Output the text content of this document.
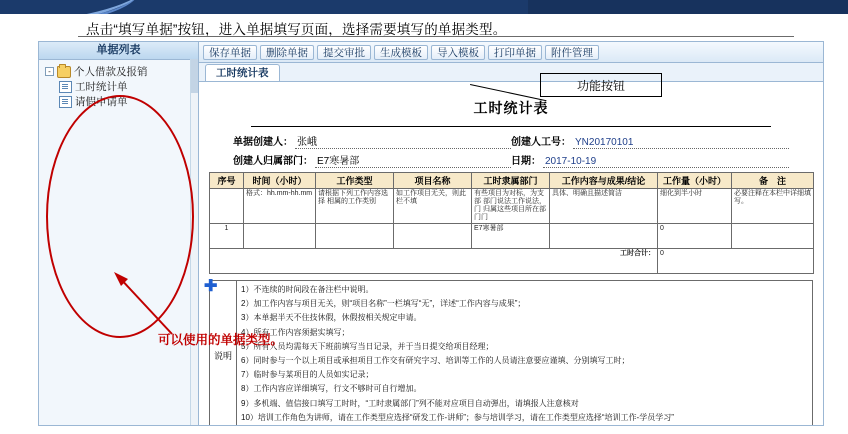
点击“填写单据”按钮，进入单据填写页面，选择需要填写的单据类型。
单据列表
-	个人借款及报销
工时统计单
请假申请单
保存单据	删除单据	提交审批	生成模板	导入模板	打印单据	附件管理
工时统计表
工时统计表
单据创建人： 张峨	创建人工号： YN20170101
创建人归属部门： E7寒暑部	日期： 2017-10-19
序号	时间（小时）	工作类型	项目名称	工时隶属部门	工作内容与成果/结论	工作量（小时）	备　注
	格式：hh.mm-hh.mm	请根据下列工作内容选择 相属的工作类别	如工作项目无关，则此 栏不填	有些项目为对标，为支部 部门说法工作说法，门 归属这些项目所在部门门	具体、明确且描述简洁	细化到半小时	必要注释在本栏中详细填 写。
1				E7寒暑部		0	
工时合计：						0	
说明
1）不连续的时间段在备注栏中说明。
2）加工作内容与项目无关，则“项目名称”一栏填写“无”，详述“工作内容与成果”；
3）本单据半天不住技休假，休假按相关规定申请。
4）所有工作内容须据实填写；
5）所有人员均需每天下班前填写当日记录，并于当日提交给项目经理；
6）同时参与一个以上项目或承担项目工作交有研究字习、培训等工作的人员请注意要应谨填、分别填写工时；
7）临时参与某项目的人员如实记录；
8）工作内容应详细填写，行文不够时可自行增加。
9）多机端、值信接口填写工时时，“工时隶属部门”列不能对应项目自动弹出，请填报人注意核对
10）培训工作角色为讲师，请在工作类型应选择“研发工作-讲师”；参与培训学习，请在工作类型应选择“培训工作-学员学习”
✚
功能按钮
可以使用的单据类型。
